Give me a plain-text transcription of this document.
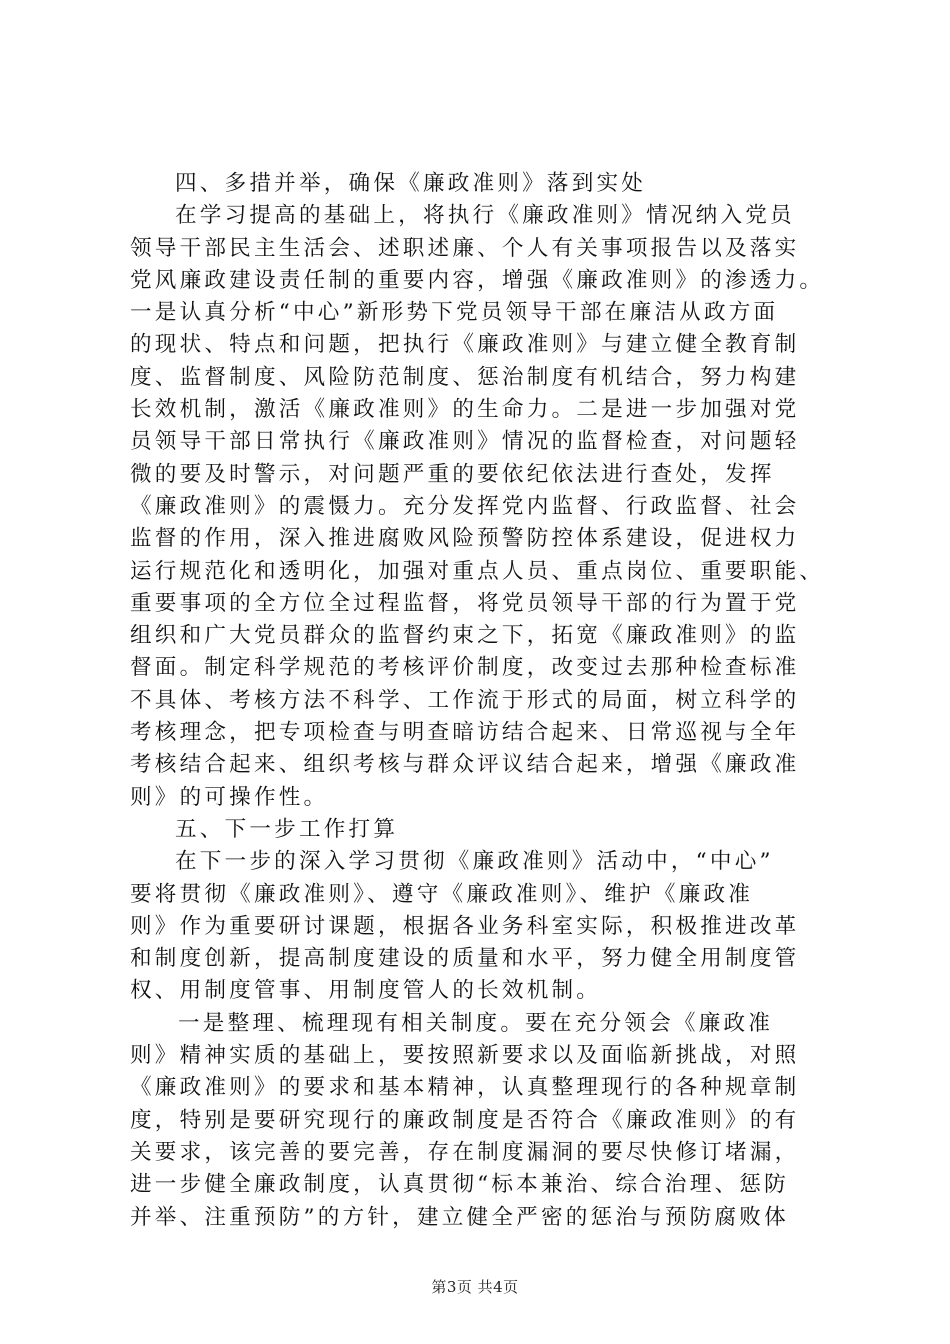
四、多措并举，确保《廉政准则》落到实处
在学习提高的基础上，将执行《廉政准则》情况纳入党员
领导干部民主生活会、述职述廉、个人有关事项报告以及落实
党风廉政建设责任制的重要内容，增强《廉政准则》的渗透力。
一是认真分析“中心”新形势下党员领导干部在廉洁从政方面
的现状、特点和问题，把执行《廉政准则》与建立健全教育制
度、监督制度、风险防范制度、惩治制度有机结合，努力构建
长效机制，激活《廉政准则》的生命力。二是进一步加强对党
员领导干部日常执行《廉政准则》情况的监督检查，对问题轻
微的要及时警示，对问题严重的要依纪依法进行查处，发挥
《廉政准则》的震慑力。充分发挥党内监督、行政监督、社会
监督的作用，深入推进腐败风险预警防控体系建设，促进权力
运行规范化和透明化，加强对重点人员、重点岗位、重要职能、
重要事项的全方位全过程监督，将党员领导干部的行为置于党
组织和广大党员群众的监督约束之下，拓宽《廉政准则》的监
督面。制定科学规范的考核评价制度，改变过去那种检查标准
不具体、考核方法不科学、工作流于形式的局面，树立科学的
考核理念，把专项检查与明查暗访结合起来、日常巡视与全年
考核结合起来、组织考核与群众评议结合起来，增强《廉政准
则》的可操作性。
五、下一步工作打算
在下一步的深入学习贯彻《廉政准则》活动中，“中心”
要将贯彻《廉政准则》、遵守《廉政准则》、维护《廉政准
则》作为重要研讨课题，根据各业务科室实际，积极推进改革
和制度创新，提高制度建设的质量和水平，努力健全用制度管
权、用制度管事、用制度管人的长效机制。
一是整理、梳理现有相关制度。要在充分领会《廉政准
则》精神实质的基础上，要按照新要求以及面临新挑战，对照
《廉政准则》的要求和基本精神，认真整理现行的各种规章制
度，特别是要研究现行的廉政制度是否符合《廉政准则》的有
关要求，该完善的要完善，存在制度漏洞的要尽快修订堵漏，
进一步健全廉政制度，认真贯彻“标本兼治、综合治理、惩防
并举、注重预防”的方针，建立健全严密的惩治与预防腐败体
第3页 共4页
